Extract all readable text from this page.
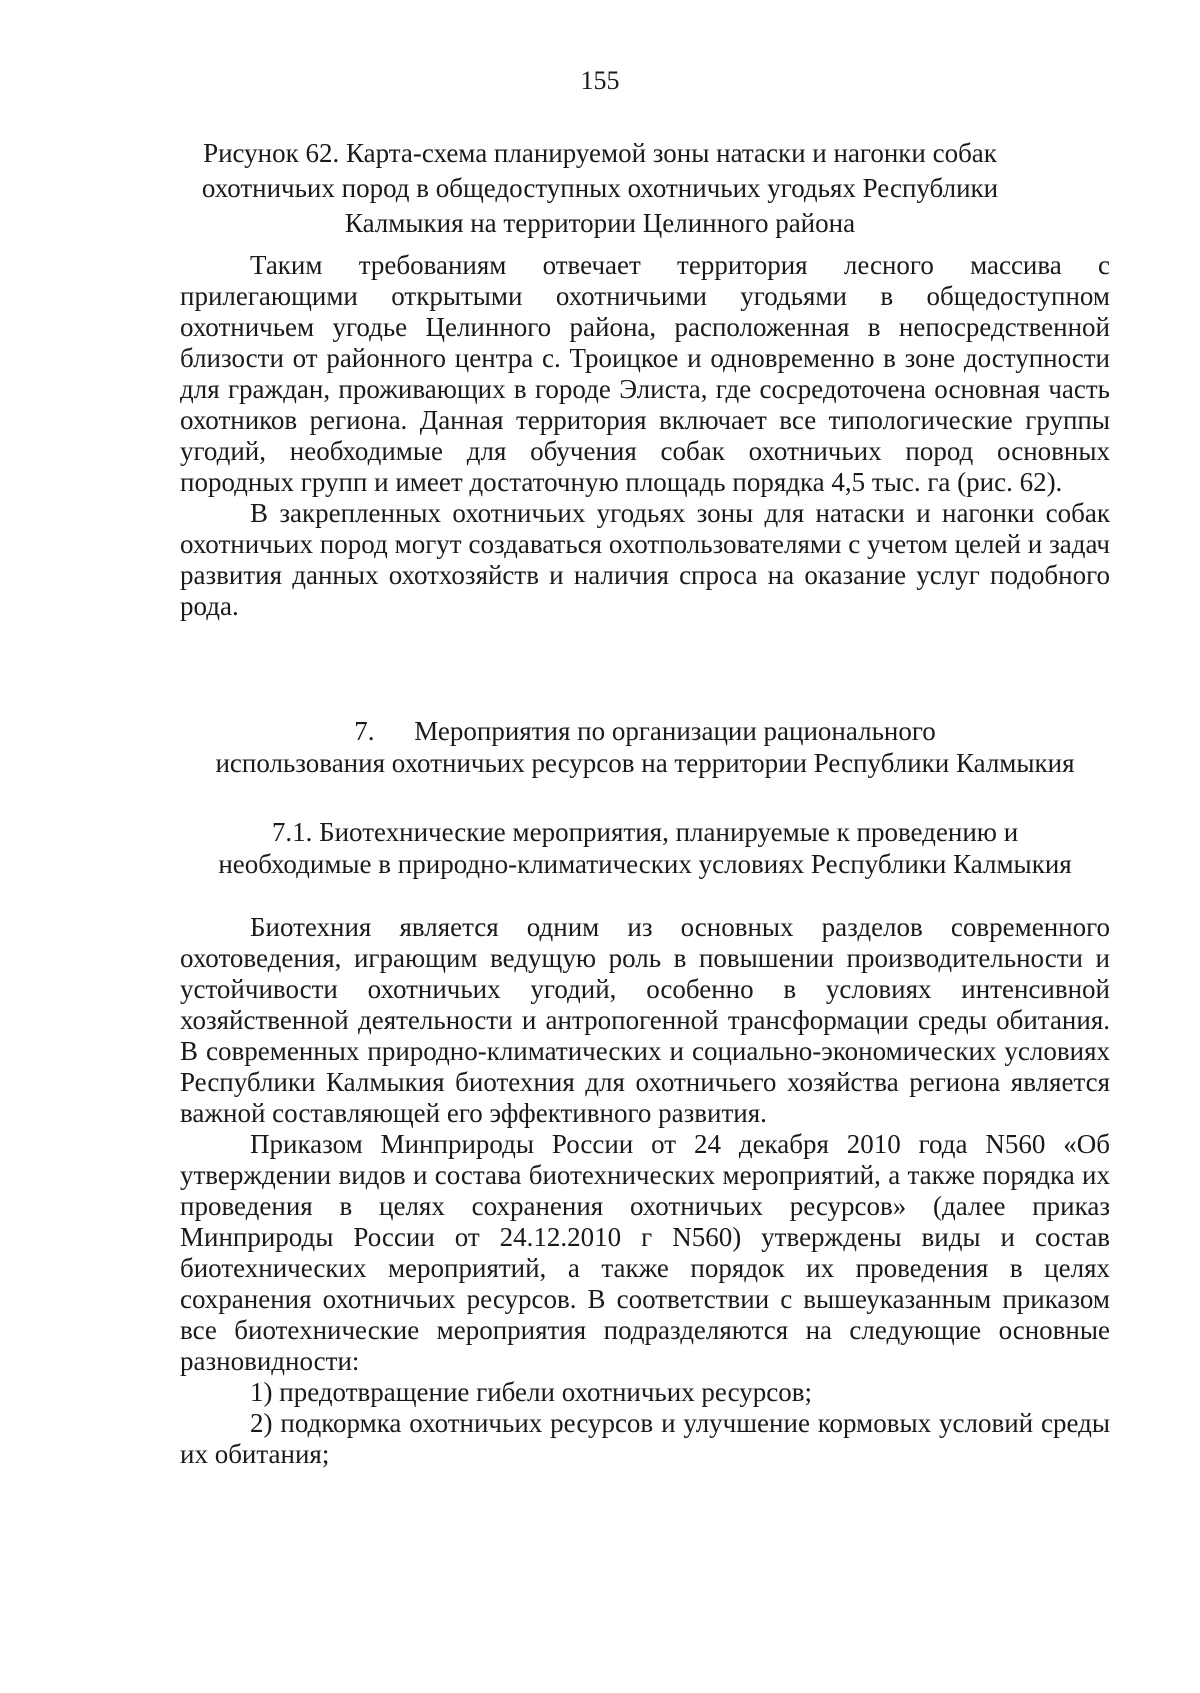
155
Рисунок 62. Карта-схема планируемой зоны натаски и нагонки собак
охотничьих пород в общедоступных охотничьих угодьях Республики
Калмыкия на территории Целинного района

Таким требованиям отвечает территория лесного массива с прилегающими открытыми охотничьими угодьями в общедоступном охотничьем угодье Целинного района, расположенная в непосредственной близости от районного центра с. Троицкое и одновременно в зоне доступности для граждан, проживающих в городе Элиста, где сосредоточена основная часть охотников региона. Данная территория включает все типологические группы угодий, необходимые для обучения собак охотничьих пород основных породных групп и имеет достаточную площадь порядка 4,5 тыс. га (рис. 62).

В закрепленных охотничьих угодьях зоны для натаски и нагонки собак охотничьих пород могут создаваться охотпользователями с учетом целей и задач развития данных охотхозяйств и наличия спроса на оказание услуг подобного рода.

7. Мероприятия по организации рационального
использования охотничьих ресурсов на территории Республики Калмыкия
7.1. Биотехнические мероприятия, планируемые к проведению и
необходимые в природно-климатических условиях Республики Калмыкия

Биотехния является одним из основных разделов современного охотоведения, играющим ведущую роль в повышении производительности и устойчивости охотничьих угодий, особенно в условиях интенсивной хозяйственной деятельности и антропогенной трансформации среды обитания. В современных природно-климатических и социально-экономических условиях Республики Калмыкия биотехния для охотничьего хозяйства региона является важной составляющей его эффективного развития.

Приказом Минприроды России от 24 декабря 2010 года N560 «Об утверждении видов и состава биотехнических мероприятий, а также порядка их проведения в целях сохранения охотничьих ресурсов» (далее приказ Минприроды России от 24.12.2010 г N560) утверждены виды и состав биотехнических мероприятий, а также порядок их проведения в целях сохранения охотничьих ресурсов. В соответствии с вышеуказанным приказом все биотехнические мероприятия подразделяются на следующие основные разновидности:

1) предотвращение гибели охотничьих ресурсов;

2) подкормка охотничьих ресурсов и улучшение кормовых условий среды их обитания;
